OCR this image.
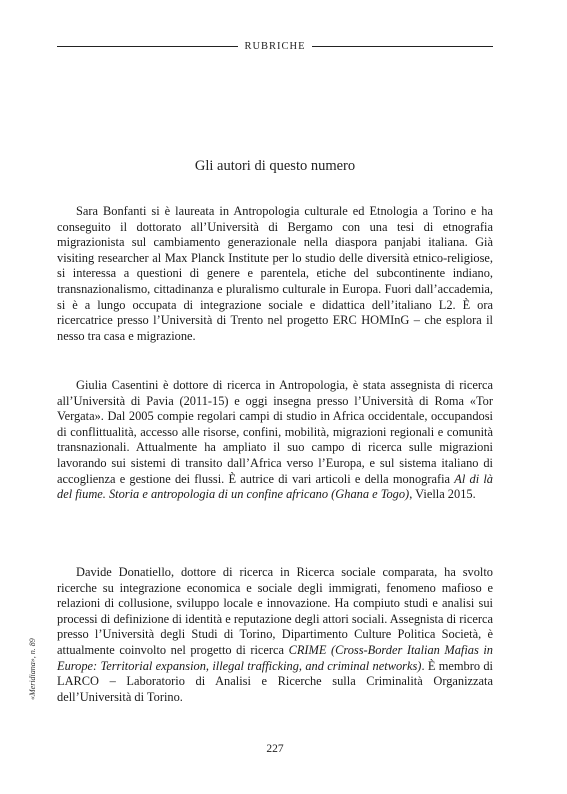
RUBRICHE
Gli autori di questo numero

Sara Bonfanti si è laureata in Antropologia culturale ed Etnologia a Torino e ha conseguito il dottorato all’Università di Bergamo con una tesi di etnografia migrazionista sul cambiamento generazionale nella diaspora panjabi italiana. Già visiting researcher al Max Planck Institute per lo studio delle diversità etnico-religiose, si interessa a questioni di genere e parentela, etiche del subcontinente indiano, transnazionalismo, cittadinanza e pluralismo culturale in Europa. Fuori dall’accademia, si è a lungo occupata di integrazione sociale e didattica dell’italiano L2. È ora ricercatrice presso l’Università di Trento nel progetto ERC HOMInG – che esplora il nesso tra casa e migrazione.

Giulia Casentini è dottore di ricerca in Antropologia, è stata assegnista di ricerca all’Università di Pavia (2011-15) e oggi insegna presso l’Università di Roma «Tor Vergata». Dal 2005 compie regolari campi di studio in Africa occidentale, occupandosi di conflittualità, accesso alle risorse, confini, mobilità, migrazioni regionali e comunità transnazionali. Attualmente ha ampliato il suo campo di ricerca sulle migrazioni lavorando sui sistemi di transito dall’Africa verso l’Europa, e sul sistema italiano di accoglienza e gestione dei flussi. È autrice di vari articoli e della monografia Al di là del fiume. Storia e antropologia di un confine africano (Ghana e Togo), Viella 2015.

Davide Donatiello, dottore di ricerca in Ricerca sociale comparata, ha svolto ricerche su integrazione economica e sociale degli immigrati, fenomeno mafioso e relazioni di collusione, sviluppo locale e innovazione. Ha compiuto studi e analisi sui processi di definizione di identità e reputazione degli attori sociali. Assegnista di ricerca presso l’Università degli Studi di Torino, Dipartimento Culture Politica Società, è attualmente coinvolto nel progetto di ricerca CRIME (Cross-Border Italian Mafias in Europe: Territorial expansion, illegal trafficking, and criminal networks). È membro di LARCO – Laboratorio di Analisi e Ricerche sulla Criminalità Organizzata dell’Università di Torino.

«Meridiana», n. 89
227
